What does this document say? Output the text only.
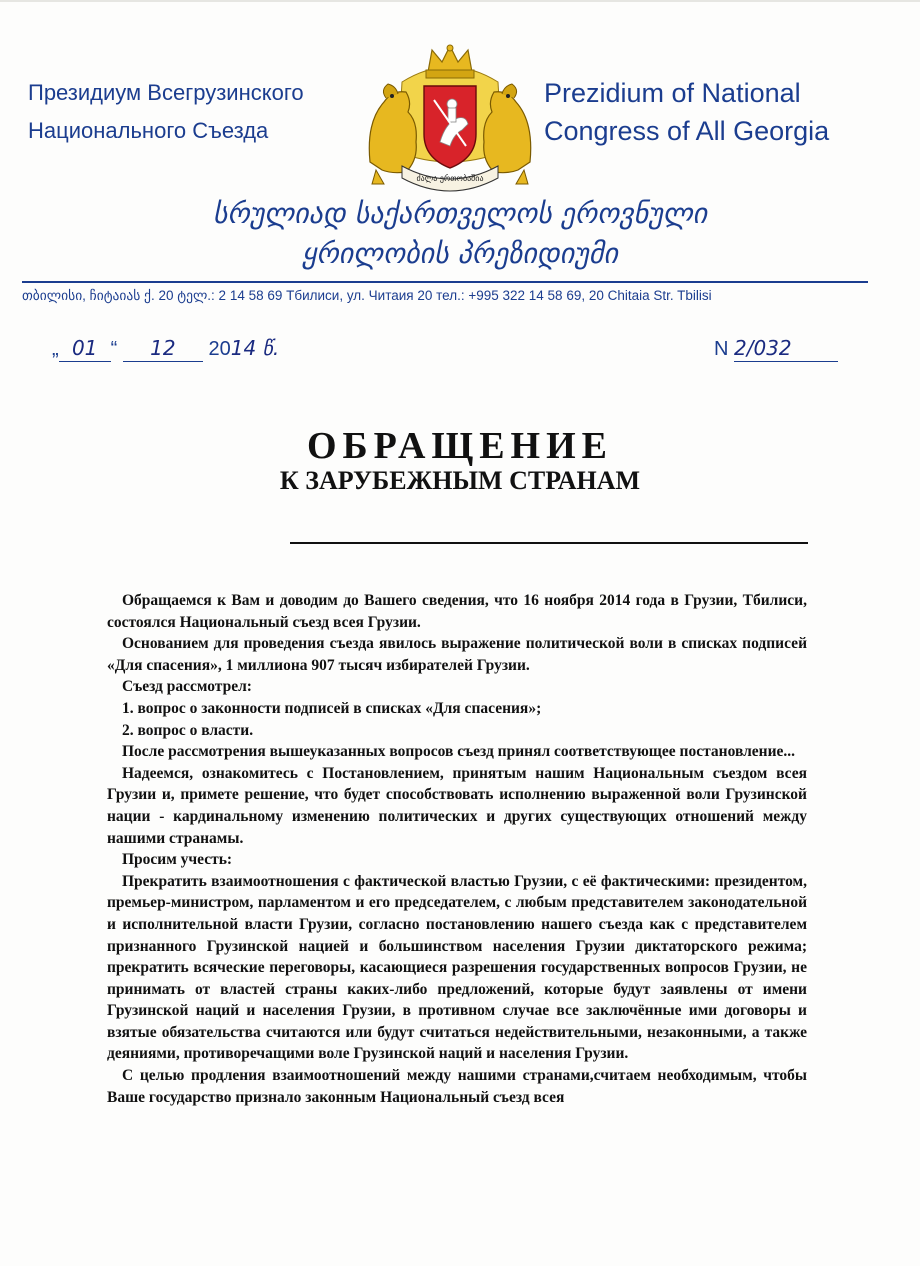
Президиум Всегрузинского
Национального Съезда
ძალა ერთობაშია
Prezidium of National
Congress of All Georgia
სრულიად საქართველოს ეროვნული
ყრილობის პრეზიდიუმი
თბილისი, ჩიტაიას ქ. 20 ტელ.: 2 14 58 69 Тбилиси, ул. Читаия 20 тел.: +995 322 14 58 69, 20 Chitaia Str. Tbilisi
„ 01 “ 12 2014 წ.	N 2/032
ОБРАЩЕНИЕ
К ЗАРУБЕЖНЫМ СТРАНАМ

Обращаемся к Вам и доводим до Вашего сведения, что 16 ноября 2014 года в Грузии, Тбилиси, состоялся Национальный съезд всея Грузии.

Основанием для проведения съезда явилось выражение политической воли в списках подписей «Для спасения», 1 миллиона 907 тысяч избирателей Грузии.

Съезд рассмотрел:

1. вопрос о законности подписей в списках «Для спасения»;

2. вопрос о власти.

После рассмотрения вышеуказанных вопросов съезд принял соответствующее постановление...

Надеемся, ознакомитесь с Постановлением, принятым нашим Национальным съездом всея Грузии и, примете решение, что будет способствовать исполнению выраженной воли Грузинской нации - кардинальному изменению политических и других существующих отношений между нашими странамы.

Просим учесть:

Прекратить взаимоотношения с фактической властью Грузии, с её фактическими: президентом, премьер-министром, парламентом и его председателем, с любым представителем законодательной и исполнительной власти Грузии, согласно постановлению нашего съезда как с представителем признанного Грузинской нацией и большинством населения Грузии диктаторского режима; прекратить всяческие переговоры, касающиеся разрешения государственных вопросов Грузии, не принимать от властей страны каких-либо предложений, которые будут заявлены от имени Грузинской наций и населения Грузии, в противном случае все заключённые ими договоры и взятые обязательства считаются или будут считаться недействительными, незаконными, а также деяниями, противоречащими воле Грузинской наций и населения Грузии.

С целью продления взаимоотношений между нашими странами,считаем необходимым, чтобы Ваше государство признало законным Национальный съезд всея
